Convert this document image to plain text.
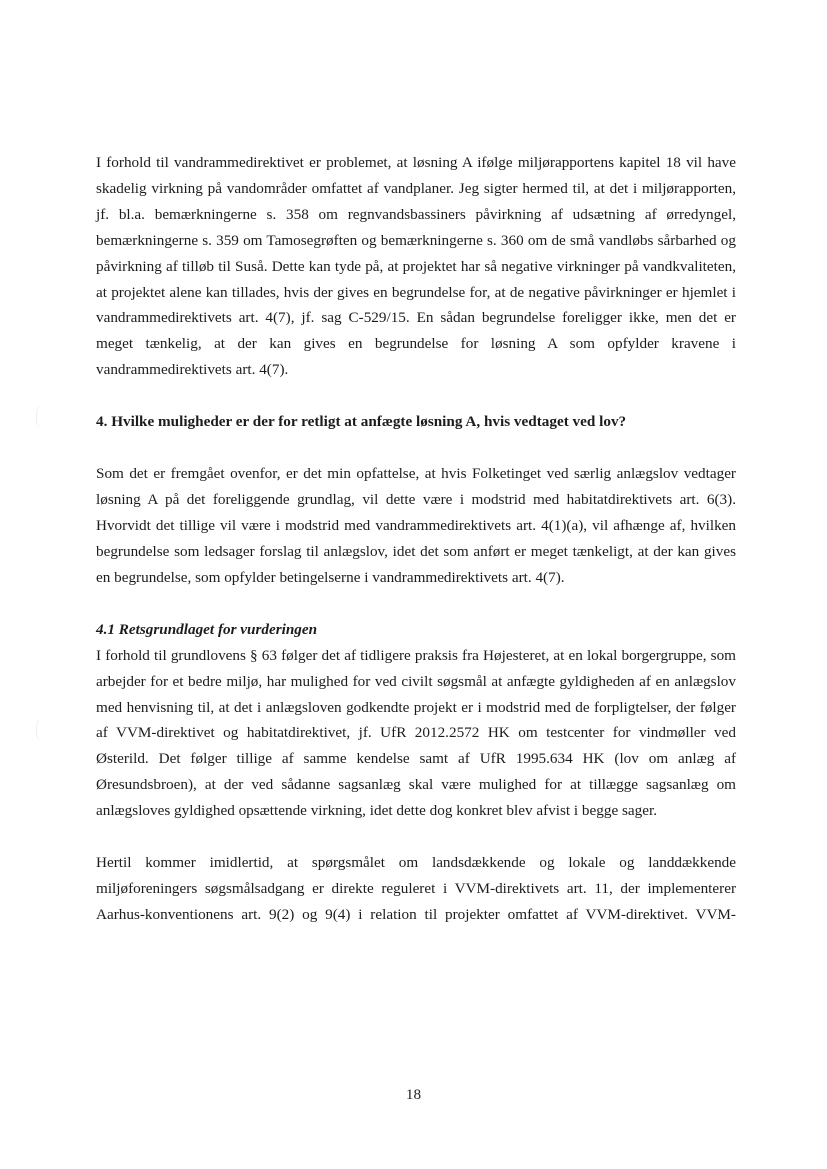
I forhold til vandrammedirektivet er problemet, at løsning A ifølge miljørapportens kapitel 18 vil have skadelig virkning på vandområder omfattet af vandplaner. Jeg sigter hermed til, at det i miljørapporten, jf. bl.a. bemærkningerne s. 358 om regnvandsbassiners påvirkning af udsætning af ørredyngel, bemærkningerne s. 359 om Tamosegrøften og bemærkningerne s. 360 om de små vandløbs sårbarhed og påvirkning af tilløb til Suså. Dette kan tyde på, at projektet har så negative virkninger på vandkvaliteten, at projektet alene kan tillades, hvis der gives en begrundelse for, at de negative påvirkninger er hjemlet i vandrammedirektivets art. 4(7), jf. sag C-529/15. En sådan begrundelse foreligger ikke, men det er meget tænkelig, at der kan gives en begrundelse for løsning A som opfylder kravene i vandrammedirektivets art. 4(7).

4. Hvilke muligheder er der for retligt at anfægte løsning A, hvis vedtaget ved lov?

Som det er fremgået ovenfor, er det min opfattelse, at hvis Folketinget ved særlig anlægslov vedtager løsning A på det foreliggende grundlag, vil dette være i modstrid med habitatdirektivets art. 6(3). Hvorvidt det tillige vil være i modstrid med vandrammedirektivets art. 4(1)(a), vil afhænge af, hvilken begrundelse som ledsager forslag til anlægslov, idet det som anført er meget tænkeligt, at der kan gives en begrundelse, som opfylder betingelserne i vandrammedirektivets art. 4(7).

4.1 Retsgrundlaget for vurderingen

I forhold til grundlovens § 63 følger det af tidligere praksis fra Højesteret, at en lokal borgergruppe, som arbejder for et bedre miljø, har mulighed for ved civilt søgsmål at anfægte gyldigheden af en anlægslov med henvisning til, at det i anlægsloven godkendte projekt er i modstrid med de forpligtelser, der følger af VVM-direktivet og habitatdirektivet, jf. UfR 2012.2572 HK om testcenter for vindmøller ved Østerild. Det følger tillige af samme kendelse samt af UfR 1995.634 HK (lov om anlæg af Øresundsbroen), at der ved sådanne sagsanlæg skal være mulighed for at tillægge sagsanlæg om anlægsloves gyldighed opsættende virkning, idet dette dog konkret blev afvist i begge sager.

Hertil kommer imidlertid, at spørgsmålet om landsdækkende og lokale og landdækkende miljøforeningers søgsmålsadgang er direkte reguleret i VVM-direktivets art. 11, der implementerer Aarhus-konventionens art. 9(2) og 9(4) i relation til projekter omfattet af VVM-direktivet. VVM-

18
